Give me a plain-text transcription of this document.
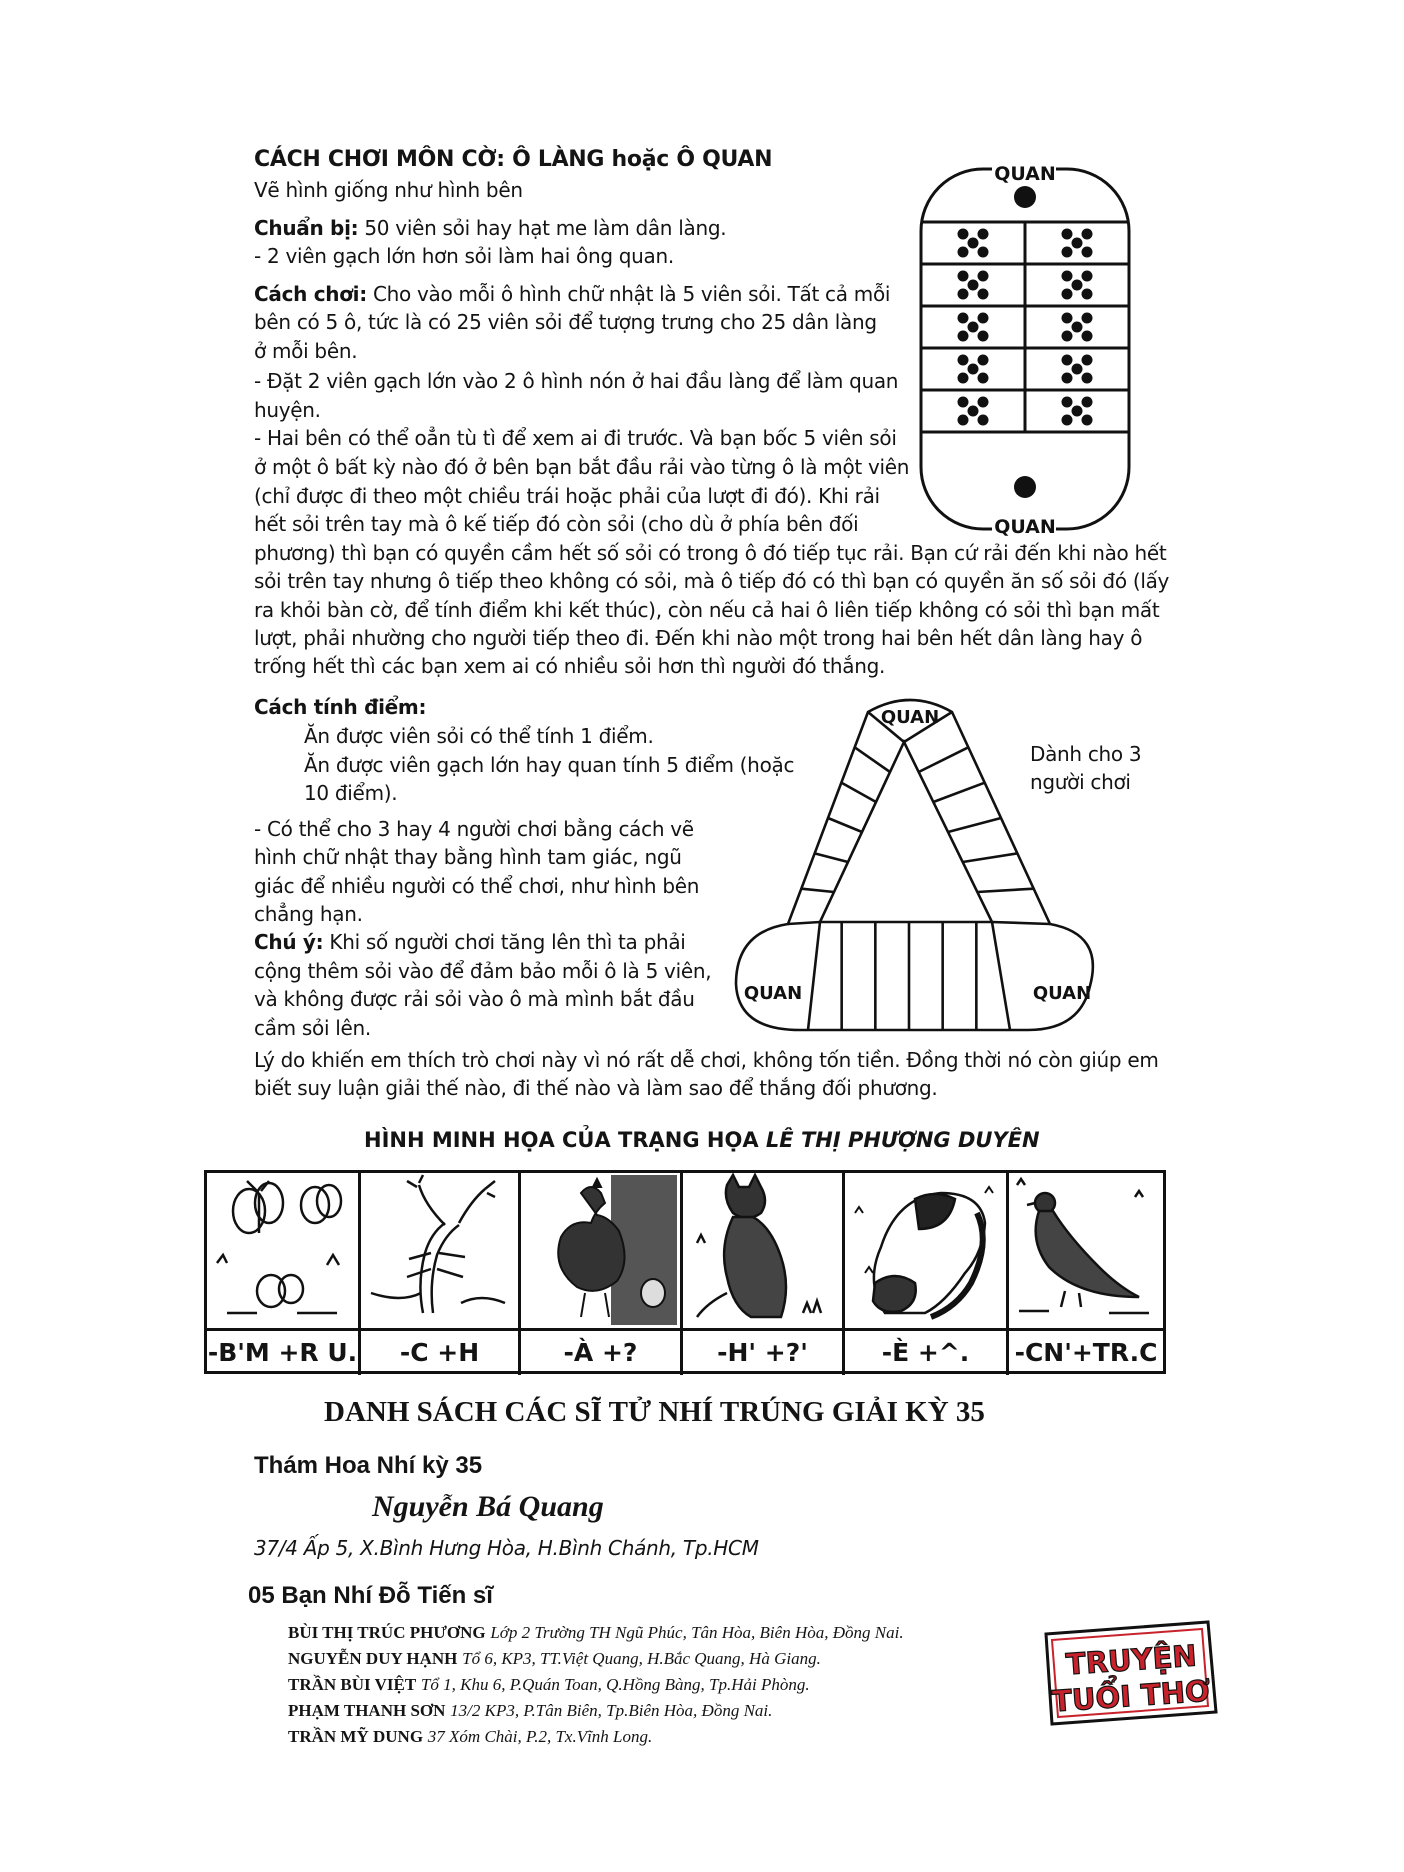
CÁCH CHƠI MÔN CỜ: Ô LÀNG hoặc Ô QUAN
Vẽ hình giống như hình bên
Chuẩn bị: 50 viên sỏi hay hạt me làm dân làng.
- 2 viên gạch lớn hơn sỏi làm hai ông quan.
Cách chơi: Cho vào mỗi ô hình chữ nhật là 5 viên sỏi. Tất cả mỗi
bên có 5 ô, tức là có 25 viên sỏi để tượng trưng cho 25 dân làng
ở mỗi bên.
- Đặt 2 viên gạch lớn vào 2 ô hình nón ở hai đầu làng để làm quan
huyện.
- Hai bên có thể oẳn tù tì để xem ai đi trước. Và bạn bốc 5 viên sỏi
ở một ô bất kỳ nào đó ở bên bạn bắt đầu rải vào từng ô là một viên
(chỉ được đi theo một chiều trái hoặc phải của lượt đi đó). Khi rải
hết sỏi trên tay mà ô kế tiếp đó còn sỏi (cho dù ở phía bên đối
phương) thì bạn có quyền cầm hết số sỏi có trong ô đó tiếp tục rải. Bạn cứ rải đến khi nào hết
sỏi trên tay nhưng ô tiếp theo không có sỏi, mà ô tiếp đó có thì bạn có quyền ăn số sỏi đó (lấy
ra khỏi bàn cờ, để tính điểm khi kết thúc), còn nếu cả hai ô liên tiếp không có sỏi thì bạn mất
lượt, phải nhường cho người tiếp theo đi. Đến khi nào một trong hai bên hết dân làng hay ô
trống hết thì các bạn xem ai có nhiều sỏi hơn thì người đó thắng.
Cách tính điểm:
Ăn được viên sỏi có thể tính 1 điểm.
Ăn được viên gạch lớn hay quan tính 5 điểm (hoặc
10 điểm).
- Có thể cho 3 hay 4 người chơi bằng cách vẽ
hình chữ nhật thay bằng hình tam giác, ngũ
giác để nhiều người có thể chơi, như hình bên
chẳng hạn.
Chú ý: Khi số người chơi tăng lên thì ta phải
cộng thêm sỏi vào để đảm bảo mỗi ô là 5 viên,
và không được rải sỏi vào ô mà mình bắt đầu
cầm sỏi lên.
Lý do khiến em thích trò chơi này vì nó rất dễ chơi, không tốn tiền. Đồng thời nó còn giúp em
biết suy luận giải thế nào, đi thế nào và làm sao để thắng đối phương.
QUAN
QUAN
QUAN
QUAN	QUAN
Dành cho 3
người chơi
HÌNH MINH HỌA CỦA TRẠNG HỌA LÊ THỊ PHƯỢNG DUYÊN
-B'M +R U.	-C +H	-À +?	-H' +?'	-È +^.	-CN'+TR.C
DANH SÁCH CÁC SĨ TỬ NHÍ TRÚNG GIẢI KỲ 35
Thám Hoa Nhí kỳ 35
Nguyễn Bá Quang
37/4 Ấp 5, X.Bình Hưng Hòa, H.Bình Chánh, Tp.HCM
05 Bạn Nhí Đỗ Tiến sĩ
BÙI THỊ TRÚC PHƯƠNG Lớp 2 Trường TH Ngũ Phúc, Tân Hòa, Biên Hòa, Đồng Nai.
NGUYỄN DUY HẠNH Tổ 6, KP3, TT.Việt Quang, H.Bắc Quang, Hà Giang.
TRẦN BÙI VIỆT Tổ 1, Khu 6, P.Quán Toan, Q.Hồng Bàng, Tp.Hải Phòng.
PHẠM THANH SƠN 13/2 KP3, P.Tân Biên, Tp.Biên Hòa, Đồng Nai.
TRẦN MỸ DUNG 37 Xóm Chài, P.2, Tx.Vĩnh Long.
TRUYỆN
TUỔI THƠ
